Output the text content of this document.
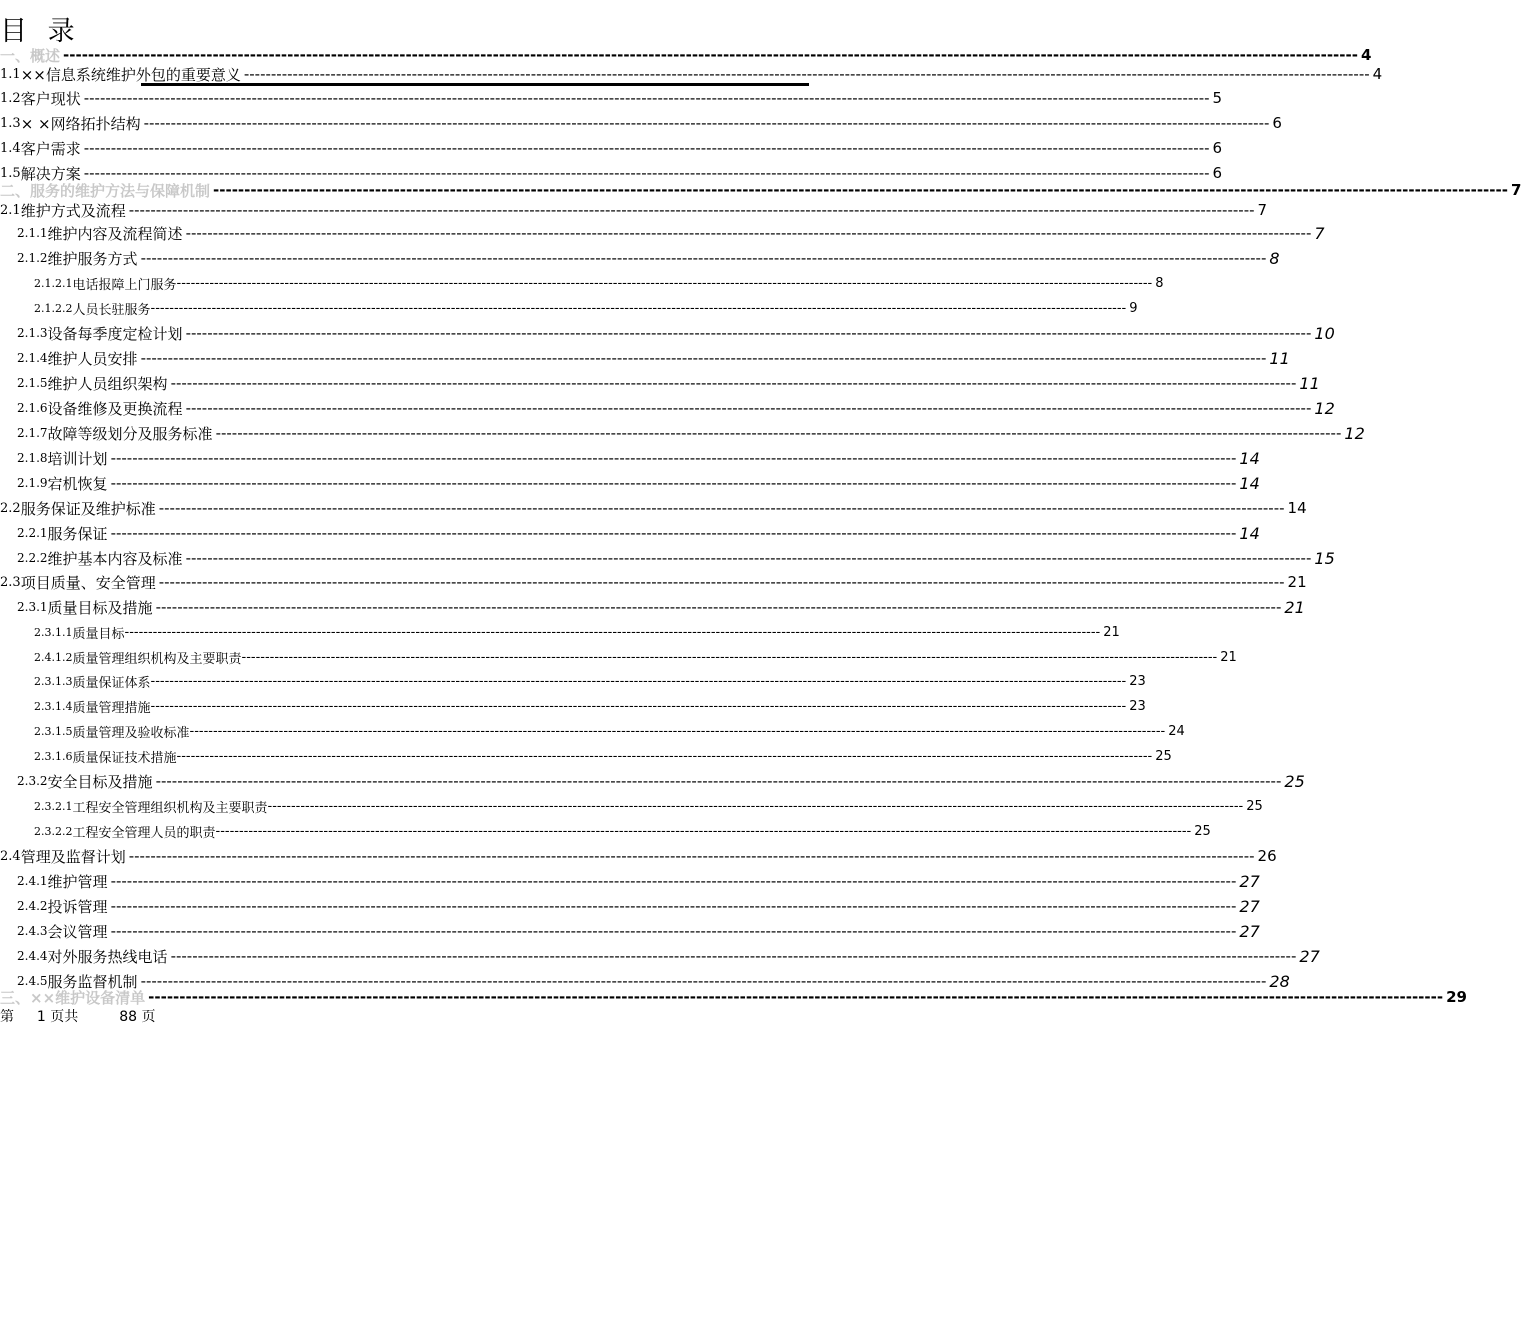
目 录
一、 概述 ---------------------------------------------------------------------------------------------------------------------------------------------------------------------------------------------------------------- 4
1.1 ××信息系统维护外包的重要意义 ---------------------------------------------------------------------------------------------------------------------------------------------------------------------------------------------------------------- 4
1.2 客户现状 ---------------------------------------------------------------------------------------------------------------------------------------------------------------------------------------------------------------- 5
1.3 × ×网络拓扑结构 ---------------------------------------------------------------------------------------------------------------------------------------------------------------------------------------------------------------- 6
1.4 客户需求 ---------------------------------------------------------------------------------------------------------------------------------------------------------------------------------------------------------------- 6
1.5 解决方案 ---------------------------------------------------------------------------------------------------------------------------------------------------------------------------------------------------------------- 6
二、 服务的维护方法与保障机制 ---------------------------------------------------------------------------------------------------------------------------------------------------------------------------------------------------------------- 7
2.1 维护方式及流程 ---------------------------------------------------------------------------------------------------------------------------------------------------------------------------------------------------------------- 7
2.1.1 维护内容及流程简述 ---------------------------------------------------------------------------------------------------------------------------------------------------------------------------------------------------------------- 7
2.1.2 维护服务方式 ---------------------------------------------------------------------------------------------------------------------------------------------------------------------------------------------------------------- 8
2.1.2.1 电话报障上门服务 ---------------------------------------------------------------------------------------------------------------------------------------------------------------------------------------------------------------- 8
2.1.2.2 人员长驻服务 ---------------------------------------------------------------------------------------------------------------------------------------------------------------------------------------------------------------- 9
2.1.3 设备每季度定检计划 ---------------------------------------------------------------------------------------------------------------------------------------------------------------------------------------------------------------- 10
2.1.4 维护人员安排 ---------------------------------------------------------------------------------------------------------------------------------------------------------------------------------------------------------------- 11
2.1.5 维护人员组织架构 ---------------------------------------------------------------------------------------------------------------------------------------------------------------------------------------------------------------- 11
2.1.6 设备维修及更换流程 ---------------------------------------------------------------------------------------------------------------------------------------------------------------------------------------------------------------- 12
2.1.7 故障等级划分及服务标准 ---------------------------------------------------------------------------------------------------------------------------------------------------------------------------------------------------------------- 12
2.1.8 培训计划 ---------------------------------------------------------------------------------------------------------------------------------------------------------------------------------------------------------------- 14
2.1.9 宕机恢复 ---------------------------------------------------------------------------------------------------------------------------------------------------------------------------------------------------------------- 14
2.2 服务保证及维护标准 ---------------------------------------------------------------------------------------------------------------------------------------------------------------------------------------------------------------- 14
2.2.1 服务保证 ---------------------------------------------------------------------------------------------------------------------------------------------------------------------------------------------------------------- 14
2.2.2 维护基本内容及标准 ---------------------------------------------------------------------------------------------------------------------------------------------------------------------------------------------------------------- 15
2.3 项目质量、安全管理 ---------------------------------------------------------------------------------------------------------------------------------------------------------------------------------------------------------------- 21
2.3.1 质量目标及措施 ---------------------------------------------------------------------------------------------------------------------------------------------------------------------------------------------------------------- 21
2.3.1.1 质量目标 ---------------------------------------------------------------------------------------------------------------------------------------------------------------------------------------------------------------- 21
2.4.1.2 质量管理组织机构及主要职责 ---------------------------------------------------------------------------------------------------------------------------------------------------------------------------------------------------------------- 21
2.3.1.3 质量保证体系 ---------------------------------------------------------------------------------------------------------------------------------------------------------------------------------------------------------------- 23
2.3.1.4 质量管理措施 ---------------------------------------------------------------------------------------------------------------------------------------------------------------------------------------------------------------- 23
2.3.1.5 质量管理及验收标准 ---------------------------------------------------------------------------------------------------------------------------------------------------------------------------------------------------------------- 24
2.3.1.6 质量保证技术措施 ---------------------------------------------------------------------------------------------------------------------------------------------------------------------------------------------------------------- 25
2.3.2 安全目标及措施 ---------------------------------------------------------------------------------------------------------------------------------------------------------------------------------------------------------------- 25
2.3.2.1 工程安全管理组织机构及主要职责 ---------------------------------------------------------------------------------------------------------------------------------------------------------------------------------------------------------------- 25
2.3.2.2 工程安全管理人员的职责 ---------------------------------------------------------------------------------------------------------------------------------------------------------------------------------------------------------------- 25
2.4 管理及监督计划 ---------------------------------------------------------------------------------------------------------------------------------------------------------------------------------------------------------------- 26
2.4.1 维护管理 ---------------------------------------------------------------------------------------------------------------------------------------------------------------------------------------------------------------- 27
2.4.2 投诉管理 ---------------------------------------------------------------------------------------------------------------------------------------------------------------------------------------------------------------- 27
2.4.3 会议管理 ---------------------------------------------------------------------------------------------------------------------------------------------------------------------------------------------------------------- 27
2.4.4 对外服务热线电话 ---------------------------------------------------------------------------------------------------------------------------------------------------------------------------------------------------------------- 27
2.4.5 服务监督机制 ---------------------------------------------------------------------------------------------------------------------------------------------------------------------------------------------------------------- 28
三、 ××维护设备清单 ---------------------------------------------------------------------------------------------------------------------------------------------------------------------------------------------------------------- 29
第 1 页共	88 页
